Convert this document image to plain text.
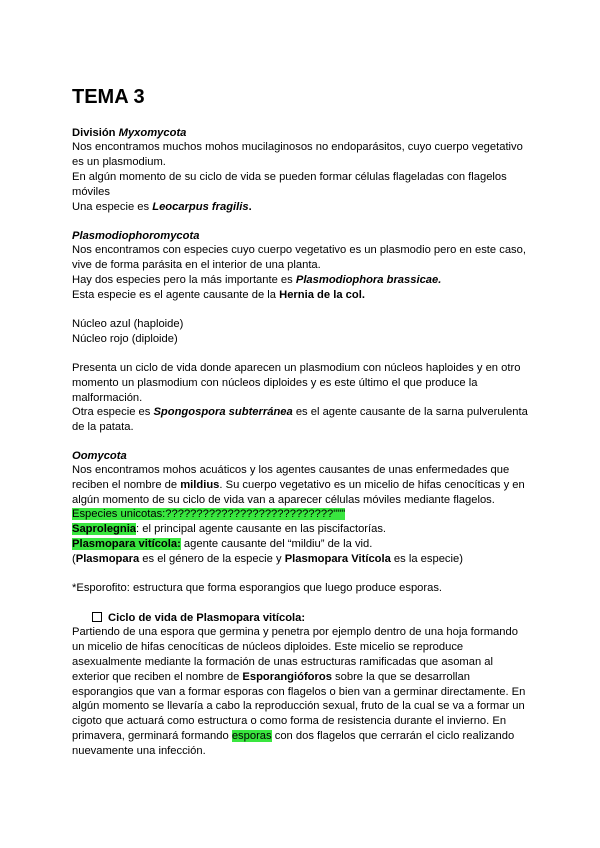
TEMA 3
División Myxomycota
Nos encontramos muchos mohos mucilaginosos no endoparásitos, cuyo cuerpo vegetativo
es un plasmodium.
En algún momento de su ciclo de vida se pueden formar células flageladas con flagelos
móviles
Una especie es Leocarpus fragilis.
Plasmodiophoromycota
Nos encontramos con especies cuyo cuerpo vegetativo es un plasmodio pero en este caso,
vive de forma parásita en el interior de una planta.
Hay dos especies pero la más importante es Plasmodiophora brassicae.
Esta especie es el agente causante de la Hernia de la col.
Núcleo azul (haploide)
Núcleo rojo (diploide)
Presenta un ciclo de vida donde aparecen un plasmodium con núcleos haploides y en otro
momento un plasmodium con núcleos diploides y es este último el que produce la
malformación.
Otra especie es Spongospora subterránea es el agente causante de la sarna pulverulenta
de la patata.
Oomycota
Nos encontramos mohos acuáticos y los agentes causantes de unas enfermedades que
reciben el nombre de mildius. Su cuerpo vegetativo es un micelio de hifas cenocíticas y en
algún momento de su ciclo de vida van a aparecer células móviles mediante flagelos.
Especies unicotas:???????????????????????????"""
Saprolegnia: el principal agente causante en las piscifactorías.
Plasmopara vitícola: agente causante del “mildiu” de la vid.
(Plasmopara es el género de la especie y Plasmopara Vitícola es la especie)
*Esporofito: estructura que forma esporangios que luego produce esporas.
Ciclo de vida de Plasmopara vitícola:
Partiendo de una espora que germina y penetra por ejemplo dentro de una hoja formando
un micelio de hifas cenocíticas de núcleos diploides. Este micelio se reproduce
asexualmente mediante la formación de unas estructuras ramificadas que asoman al
exterior que reciben el nombre de Esporangióforos sobre la que se desarrollan
esporangios que van a formar esporas con flagelos o bien van a germinar directamente. En
algún momento se llevaría a cabo la reproducción sexual, fruto de la cual se va a formar un
cigoto que actuará como estructura o como forma de resistencia durante el invierno. En
primavera, germinará formando esporas con dos flagelos que cerrarán el ciclo realizando
nuevamente una infección.
